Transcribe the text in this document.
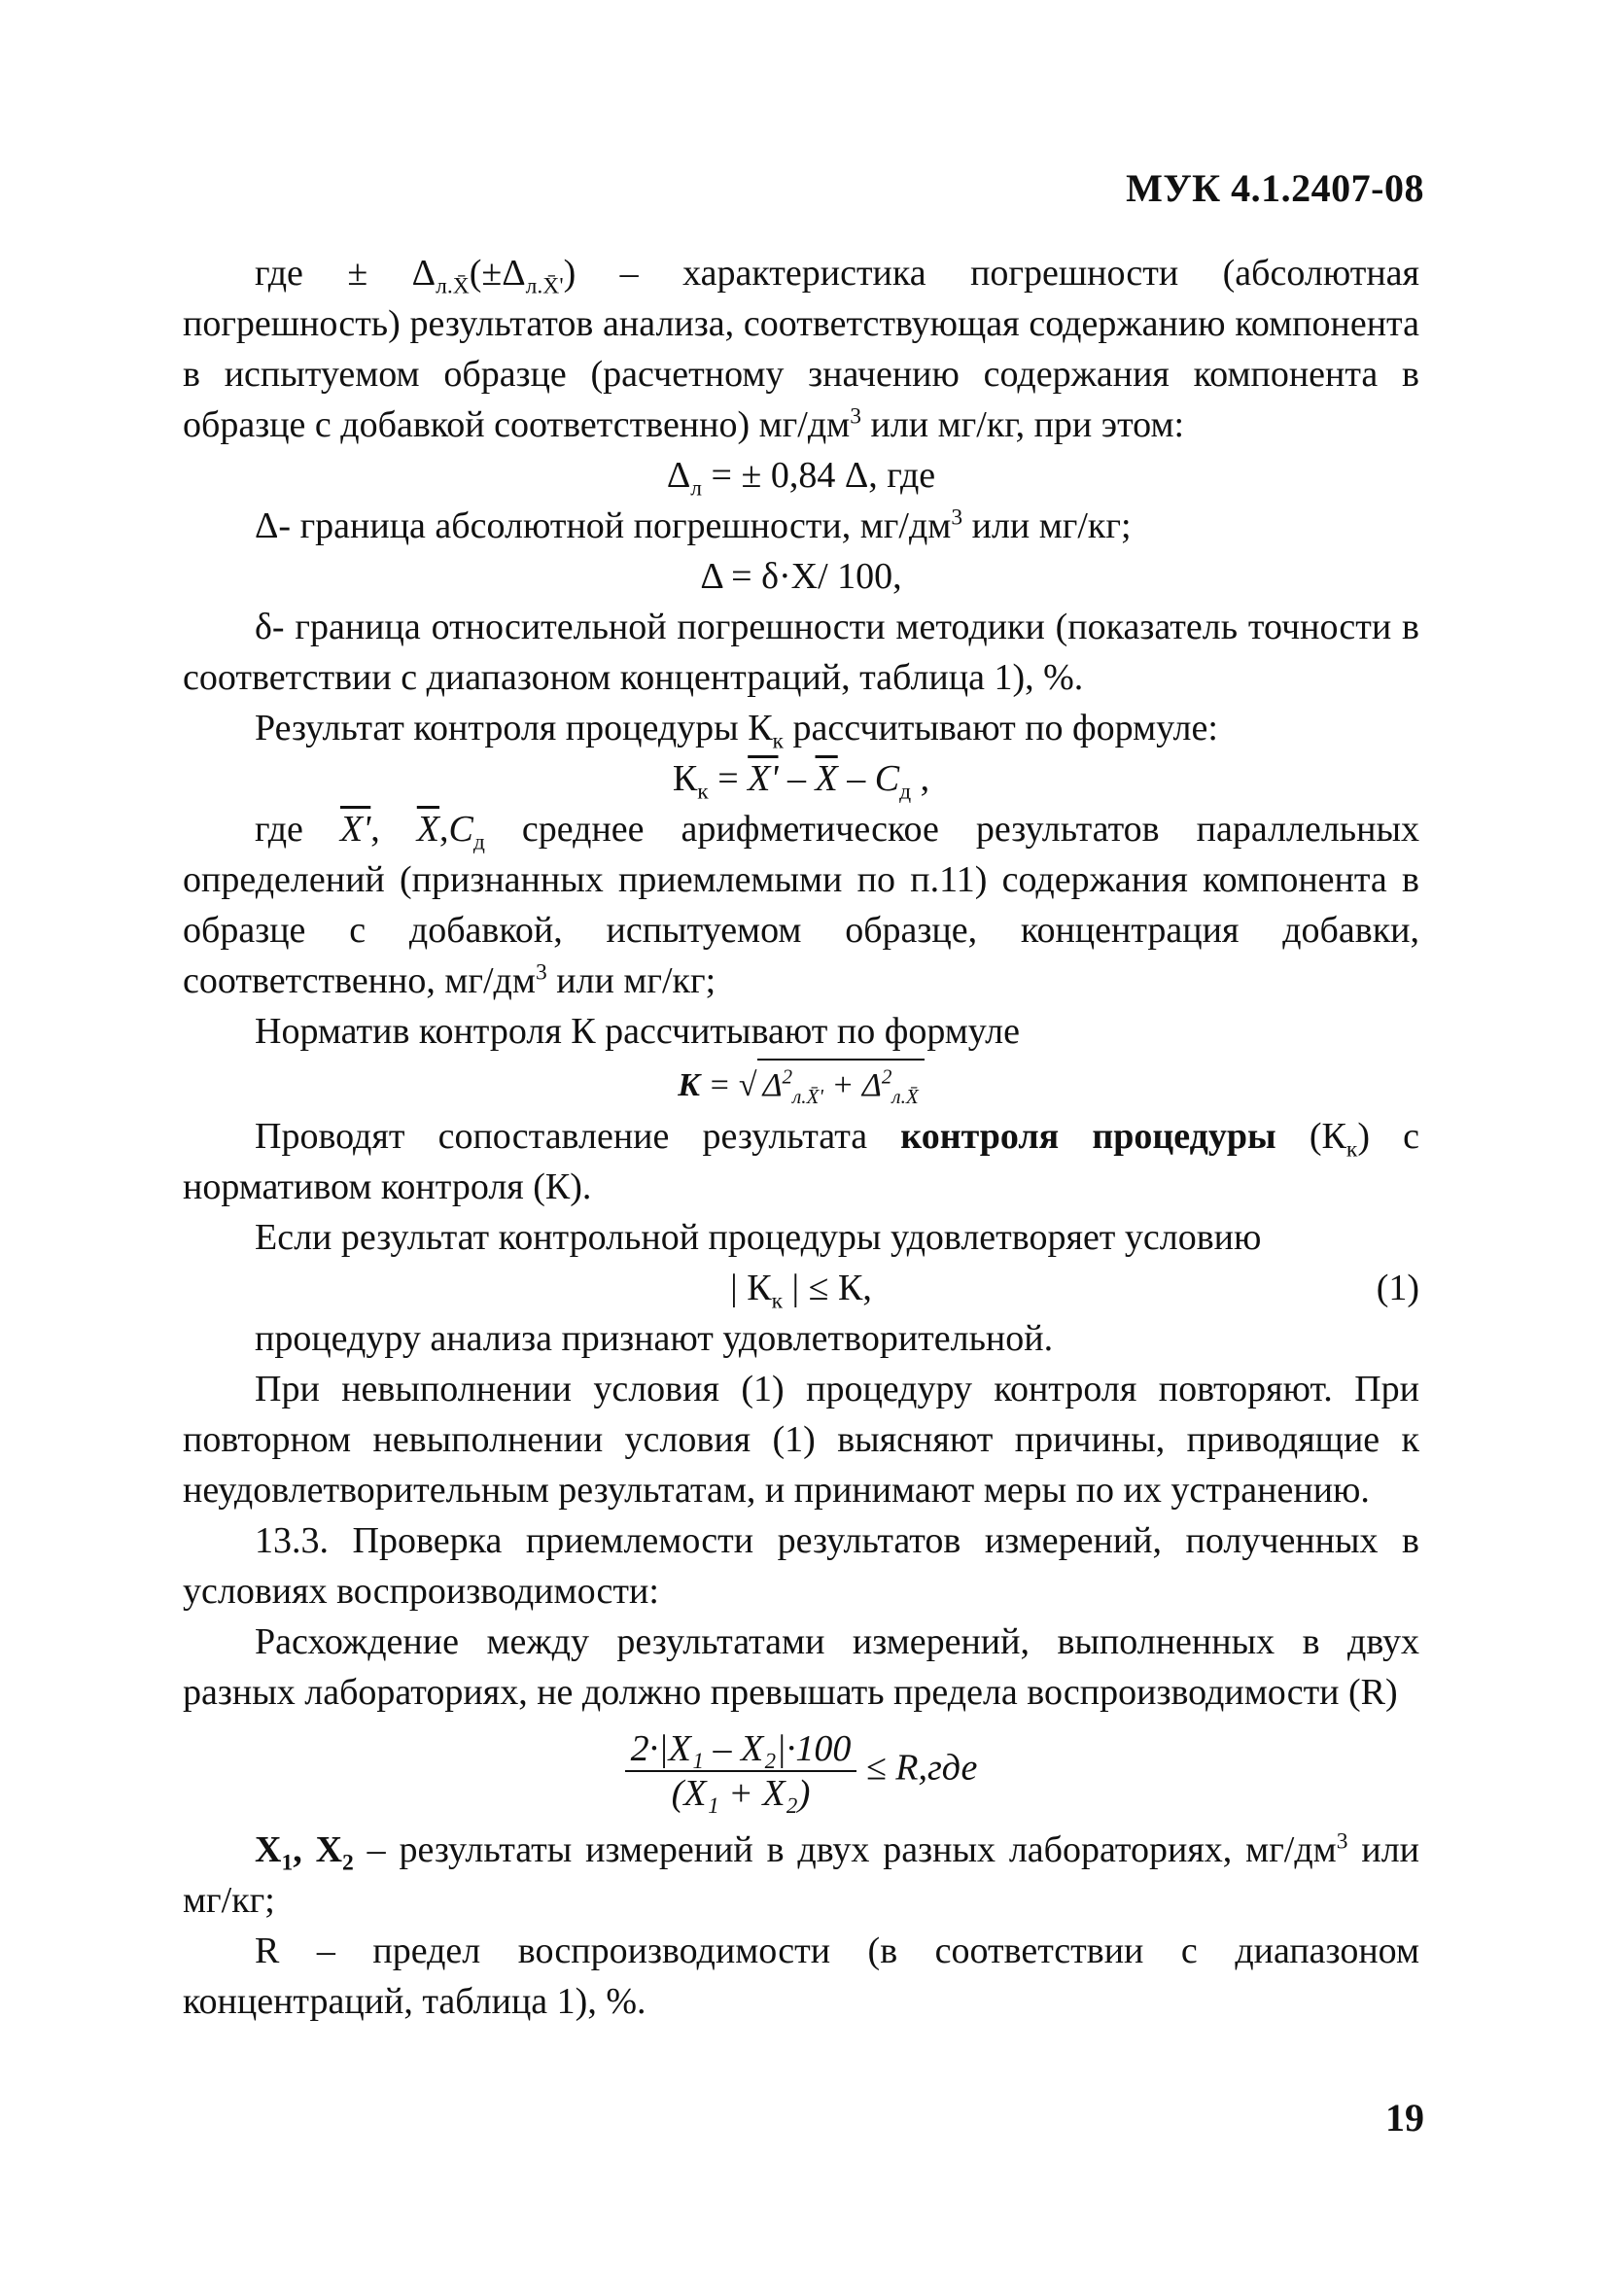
МУК 4.1.2407-08

где ± $\Delta_{л.X̄}(\pm\Delta_{л.X̄'})$ – характеристика погрешности (абсолютная погрешность) результатов анализа, соответствующая содержанию компонента в испытуемом образце (расчетному значению содержания компонента в образце с добавкой соответственно) $мг/дм^3$ или мг/кг, при этом:

$\Delta_л$ = ± 0,84 Δ, где

Δ- граница абсолютной погрешности, $мг/дм^3$ или мг/кг;

Δ = δ·X/ 100,

δ- граница относительной погрешности методики (показатель точности в соответствии с диапазоном концентраций, таблица 1), %.

Результат контроля процедуры $К_к$ рассчитывают по формуле:

$К_к = X' - \overline{X} - C_д$ ,

где X', $\overline{X},C_д$ среднее арифметическое результатов параллельных определений (признанных приемлемыми по п.11) содержания компонента в образце с добавкой, испытуемом образце, концентрация добавки, соответственно, $мг/дм^3$ или мг/кг;

Норматив контроля К рассчитывают по формуле

K = √ $\Delta^2_{л.X̄'} + \Delta^2_{л.X̄}$

Проводят сопоставление результата контроля процедуры $(К_к)$ с нормативом контроля (К).

Если результат контрольной процедуры удовлетворяет условию

| $К_к$ | ≤ К,	(1)

процедуру анализа признают удовлетворительной.

При невыполнении условия (1) процедуру контроля повторяют. При повторном невыполнении условия (1) выясняют причины, приводящие к неудовлетворительным результатам, и принимают меры по их устранению.

13.3. Проверка приемлемости результатов измерений, полученных в условиях воспроизводимости:

Расхождение между результатами измерений, выполненных в двух разных лабораториях, не должно превышать предела воспроизводимости (R)

$\frac{\text{2·|X₁ – X₂|·100}}{\text{(X₁ + X₂)}} \le R,где$

$X_1$, $X_2$ – результаты измерений в двух разных лабораториях, $мг/дм^3$ или мг/кг;

R – предел воспроизводимости (в соответствии с диапазоном концентраций, таблица 1), %.

19
